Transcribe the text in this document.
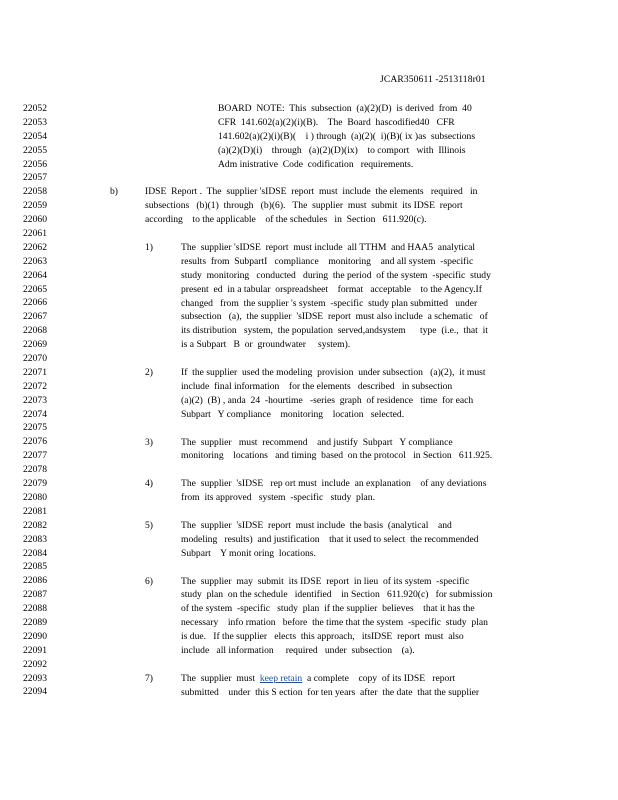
JCAR350611 -2513118r01
22052
22053
22054
22055
22056
22057
22058
22059
22060
22061
22062
22063
22064
22065
22066
22067
22068
22069
22070
22071
22072
22073
22074
22075
22076
22077
22078
22079
22080
22081
22082
22083
22084
22085
22086
22087
22088
22089
22090
22091
22092
22093
22094
BOARD  NOTE:  This  subsection  (a)(2)(D)  is derived  from  40
CFR  141.602(a)(2)(i)(B).    The  Board  hascodified40   CFR
141.602(a)(2)(i)(B)(    i ) through  (a)(2)(  i)(B)( ix )as  subsections
(a)(2)(D)(i)    through   (a)(2)(D)(ix)    to comport   with  Illinois
Adm inistrative  Code  codification   requirements.
b)	IDSE  Report .  The  supplier 'sIDSE  report  must  include  the elements   required   in
subsections   (b)(1)  through   (b)(6).   The  supplier  must  submit  its IDSE  report
according    to the applicable    of the schedules   in  Section   611.920(c).
1)	The  supplier 'sIDSE  report  must include  all TTHM  and HAA5  analytical
results  from  SubpartI   compliance    monitoring    and all system  -specific
study  monitoring   conducted   during  the period  of the system  -specific  study
present  ed  in a tabular  orspreadsheet    format   acceptable    to the Agency.If
changed   from  the supplier 's system  -specific  study plan submitted   under
subsection   (a),  the supplier  'sIDSE  report  must also include  a schematic   of
its distribution   system,  the population  served,andsystem      type  (i.e.,  that  it
is a Subpart   B  or  groundwater     system).
2)	If  the supplier  used the modeling  provision  under subsection   (a)(2),  it must
include  final information    for the elements   described   in subsection
(a)(2)  (B) , anda  24  -hourtime   -series  graph  of residence   time  for each
Subpart   Y compliance    monitoring    location   selected.
3)	The  supplier   must  recommend    and justify  Subpart   Y compliance
monitoring    locations   and timing  based  on the protocol   in Section   611.925.
4)	The  supplier  'sIDSE   rep ort must  include  an explanation    of any deviations
from  its approved   system  -specific   study  plan.
5)	The  supplier  'sIDSE  report  must include  the basis  (analytical    and
modeling   results)  and justification    that it used to select  the recommended
Subpart    Y monit oring  locations.
6)	The  supplier  may  submit  its IDSE  report  in lieu  of its system  -specific
study  plan  on the schedule   identified    in Section   611.920(c)   for submission
of the system  -specific   study  plan  if the supplier  believes    that it has the
necessary    info rmation   before  the time that the system  -specific  study  plan
is due.   If the supplier   elects  this approach,   itsIDSE  report  must  also
include   all information     required   under  subsection    (a).
7)	The  supplier  must  keep retain  a complete    copy  of its IDSE   report
submitted    under  this S ection  for ten years  after  the date  that the supplier
